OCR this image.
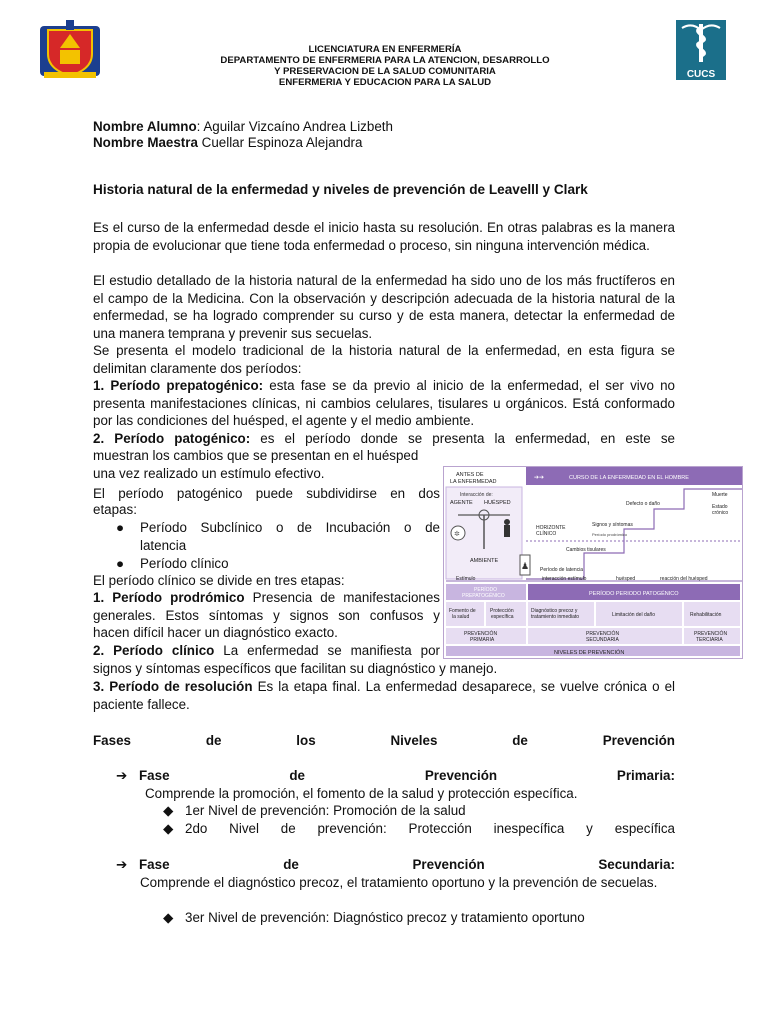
LICENCIATURA EN ENFERMERÍA
DEPARTAMENTO DE ENFERMERIA PARA LA ATENCION, DESARROLLO
Y PRESERVACION DE LA SALUD COMUNITARIA
ENFERMERIA Y EDUCACION PARA LA SALUD
CUCS
Nombre Alumno: Aguilar Vizcaíno Andrea Lizbeth
Nombre Maestra Cuellar Espinoza Alejandra
Historia natural de la enfermedad y niveles de prevención de Leavelll y Clark
Es el curso de la enfermedad desde el inicio hasta su resolución. En otras palabras es la manera propia de evolucionar que tiene toda enfermedad o proceso, sin ninguna intervención médica.
El estudio detallado de la historia natural de la enfermedad ha sido uno de los más fructíferos en el campo de la Medicina. Con la observación y descripción adecuada de la historia natural de la enfermedad, se ha logrado comprender su curso y de esta manera, detectar la enfermedad de una manera temprana y prevenir sus secuelas.
Se presenta el modelo tradicional de la historia natural de la enfermedad, en esta figura se delimitan claramente dos períodos:
1. Período prepatogénico: esta fase se da previo al inicio de la enfermedad, el ser vivo no presenta manifestaciones clínicas, ni cambios celulares, tisulares u orgánicos. Está conformado por las condiciones del huésped, el agente y el medio ambiente.
2. Período patogénico: es el período donde se presenta la enfermedad, en este se
muestran los cambios que se presentan en el huésped
una vez realizado un estímulo efectivo.
El período patogénico puede subdividirse en dos
etapas:
● Período Subclínico o de Incubación o de
latencia
● Período clínico
El período clínico se divide en tres etapas:
1. Período prodrómico Presencia de manifestaciones
generales. Estos síntomas y signos son confusos y
hacen difícil hacer un diagnóstico exacto.
2. Período clínico La enfermedad se manifiesta por
signos y síntomas específicos que facilitan su diagnóstico y manejo.
3. Período de resolución Es la etapa final. La enfermedad desaparece, se vuelve crónica o el paciente fallece.
➔➔	CURSO DE LA ENFERMEDAD EN EL HOMBRE
ANTES DE
LA ENFERMEDAD
Interacción de:
AGENTE HUÉSPED
✲
AMBIENTE
Muerte
Estado
crónico
Defecto o daño
Signos y síntomas
Período prodrómico
HORIZONTE
CLÍNICO
Cambios tisulares
Período de latencia
♟
Estímulo	interacción estímulo	huésped	reacción del huésped
PERÍODO
PREPATOGÉNICO	PERÍODO PERIODO PATOGÉNICO
Fomento de
la salud
Protección
específica
Diagnóstico precoz y
tratamiento inmediato	Limitación del daño	Rehabilitación
PREVENCIÓN
PRIMARIA
PREVENCIÓN
SECUNDARIA
PREVENCIÓN
TERCIARIA
NIVELES DE PREVENCIÓN
Fases	de	los	Niveles	de	Prevención
➔ Fase	de	Prevención	Primaria:
Comprende la promoción, el fomento de la salud y protección específica.
◆ 1er Nivel de prevención: Promoción de la salud
◆ 2do Nivel de prevención: Protección inespecífica y específica
➔ Fase	de	Prevención	Secundaria:
Comprende el diagnóstico precoz, el tratamiento oportuno y la prevención de secuelas.
◆ 3er Nivel de prevención: Diagnóstico precoz y tratamiento oportuno
